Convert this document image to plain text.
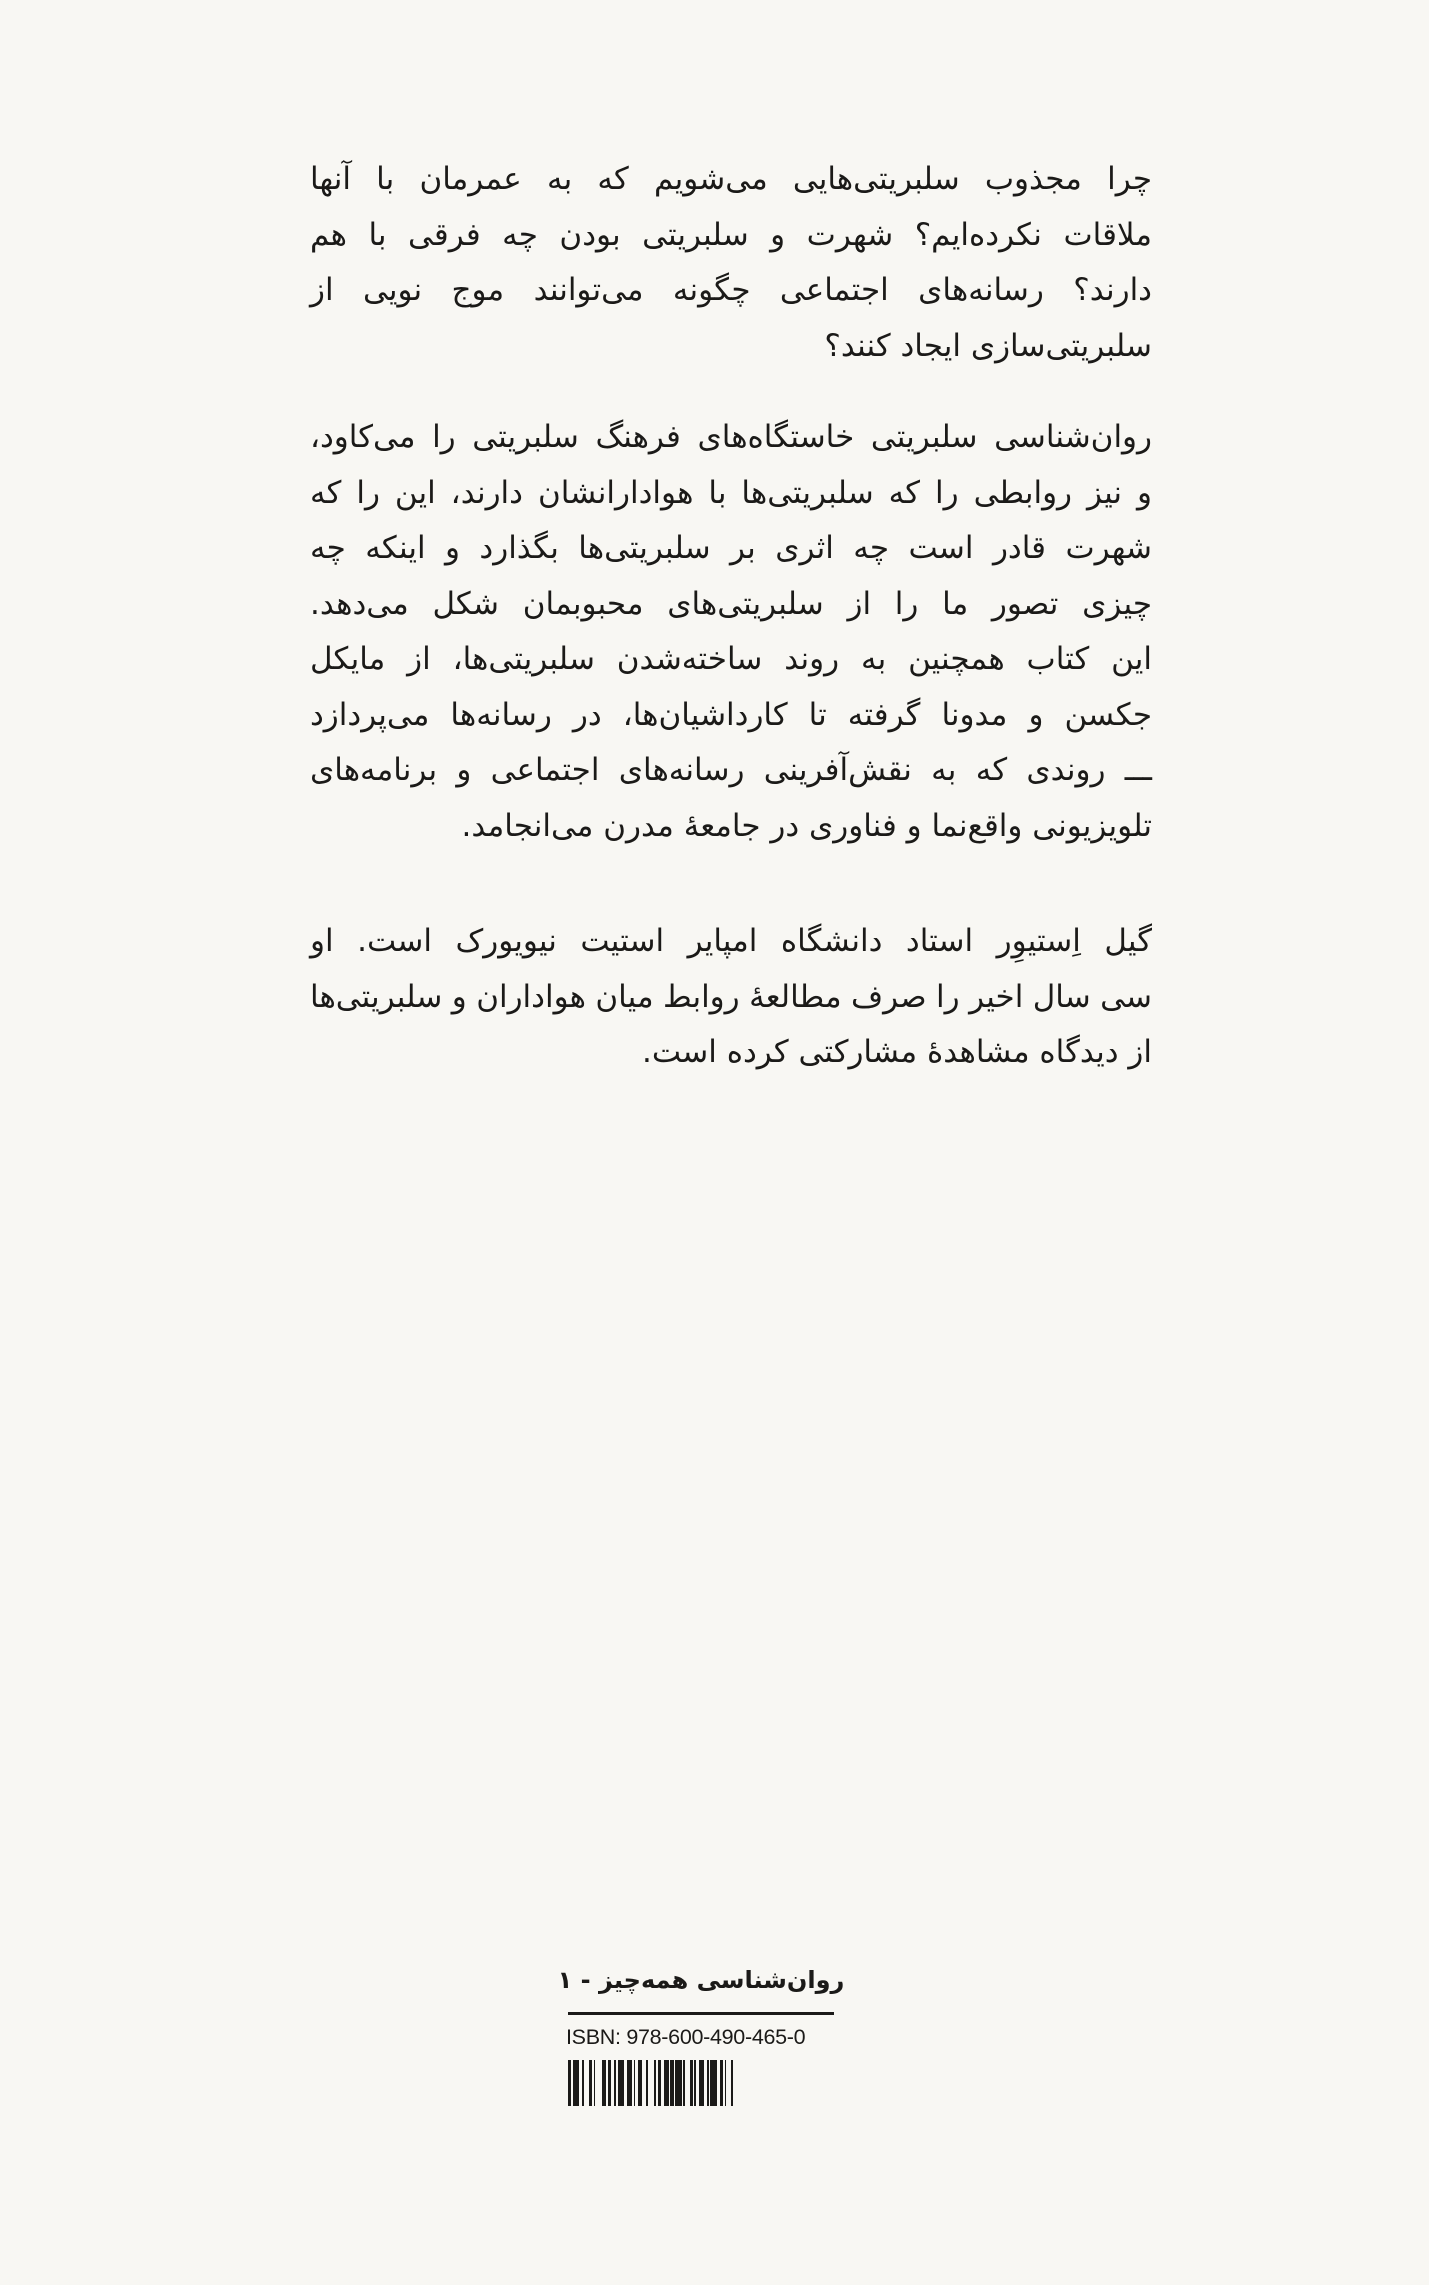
چرا مجذوب سلبریتی‌هایی می‌شویم که به عمرمان با آنها
ملاقات نکرده‌ایم؟ شهرت و سلبریتی بودن چه فرقی با هم
دارند؟ رسانه‌های اجتماعی چگونه می‌توانند موج نویی از
سلبریتی‌سازی ایجاد کنند؟
روان‌شناسی سلبریتی خاستگاه‌های فرهنگ سلبریتی را می‌کاود،
و نیز روابطی را که سلبریتی‌ها با هوادارانشان دارند، این را که
شهرت قادر است چه اثری بر سلبریتی‌ها بگذارد و اینکه چه
چیزی تصور ما را از سلبریتی‌های محبوبمان شکل می‌دهد.
این کتاب همچنین به روند ساخته‌شدن سلبریتی‌ها، از مایکل
جکسن و مدونا گرفته تا کارداشیان‌ها، در رسانه‌ها می‌پردازد
ـــ روندی که به نقش‌آفرینی رسانه‌های اجتماعی و برنامه‌های
تلویزیونی واقع‌نما و فناوری در جامعهٔ مدرن می‌انجامد.
گیل اِستیوِر استاد دانشگاه امپایر استیت نیویورک است. او
سی سال اخیر را صرف مطالعهٔ روابط میان هواداران و سلبریتی‌ها
از دیدگاه مشاهدهٔ مشارکتی کرده است.
روان‌شناسی همه‌چیز - ۱
ISBN: 978-600-490-465-0
